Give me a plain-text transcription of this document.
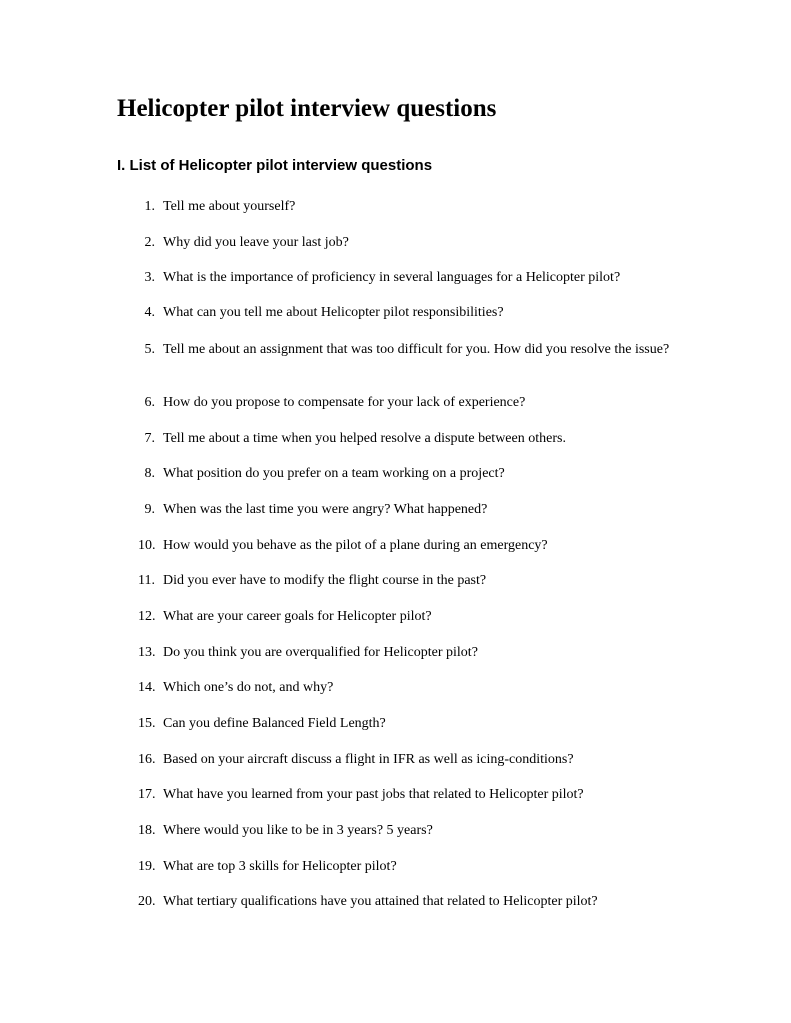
Helicopter pilot interview questions
I. List of Helicopter pilot interview questions
1. Tell me about yourself?
2. Why did you leave your last job?
3. What is the importance of proficiency in several languages for a Helicopter pilot?
4. What can you tell me about Helicopter pilot responsibilities?
5. Tell me about an assignment that was too difficult for you. How did you resolve the issue?
6. How do you propose to compensate for your lack of experience?
7. Tell me about a time when you helped resolve a dispute between others.
8. What position do you prefer on a team working on a project?
9. When was the last time you were angry? What happened?
10. How would you behave as the pilot of a plane during an emergency?
11. Did you ever have to modify the flight course in the past?
12. What are your career goals for Helicopter pilot?
13. Do you think you are overqualified for Helicopter pilot?
14. Which one’s do not, and why?
15. Can you define Balanced Field Length?
16. Based on your aircraft discuss a flight in IFR as well as icing-conditions?
17. What have you learned from your past jobs that related to Helicopter pilot?
18. Where would you like to be in 3 years? 5 years?
19. What are top 3 skills for Helicopter pilot?
20. What tertiary qualifications have you attained that related to Helicopter pilot?
